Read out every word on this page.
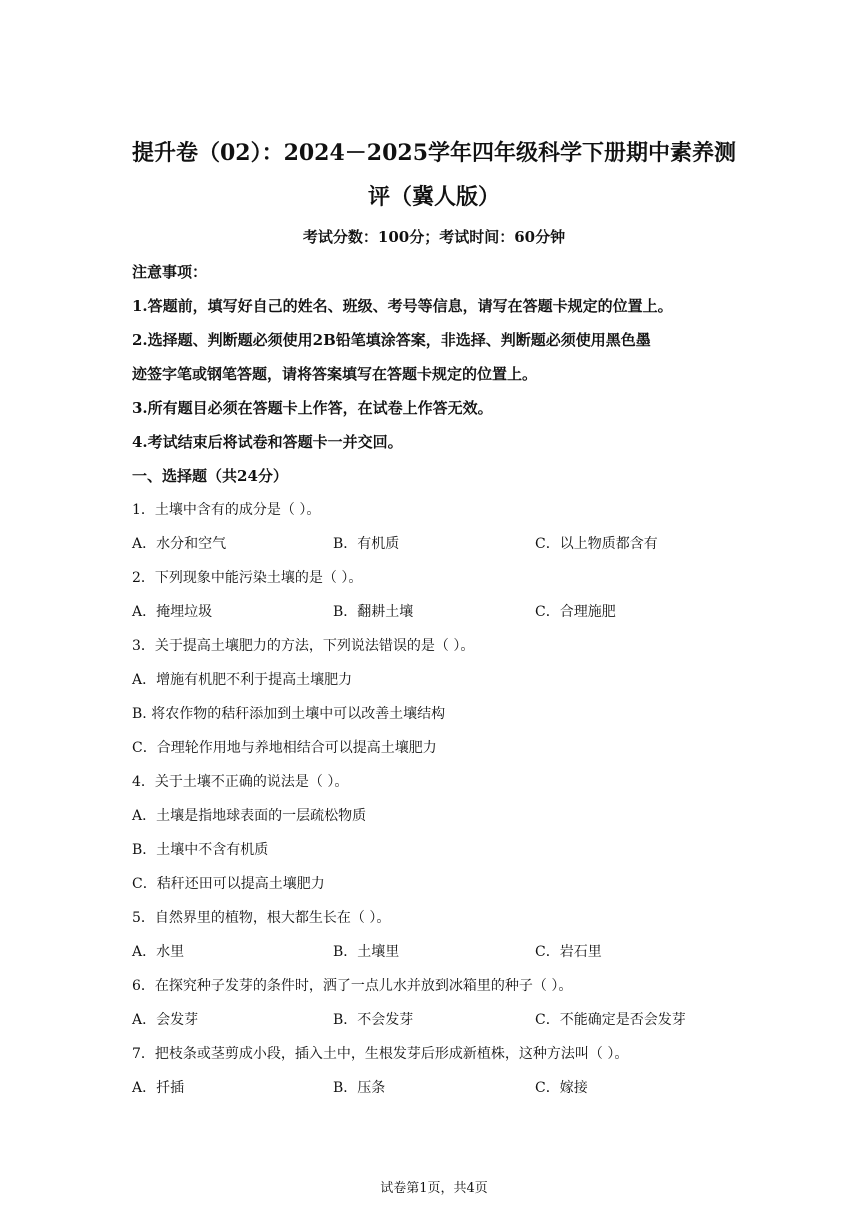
提升卷（02）：2024－2025学年四年级科学下册期中素养测
评（冀人版）
考试分数：100分；考试时间：60分钟
注意事项：
1.答题前，填写好自己的姓名、班级、考号等信息，请写在答题卡规定的位置上。
2.选择题、判断题必须使用2B铅笔填涂答案，非选择、判断题必须使用黑色墨
迹签字笔或钢笔答题，请将答案填写在答题卡规定的位置上。
3.所有题目必须在答题卡上作答，在试卷上作答无效。
4.考试结束后将试卷和答题卡一并交回。
一、选择题（共24分）
1．土壤中含有的成分是（ ）。
A．水分和空气	B．有机质	C．以上物质都含有
2．下列现象中能污染土壤的是（ ）。
A．掩埋垃圾	B．翻耕土壤	C．合理施肥
3．关于提高土壤肥力的方法，下列说法错误的是（ ）。
A．增施有机肥不利于提高土壤肥力
B. 将农作物的秸秆添加到土壤中可以改善土壤结构
C．合理轮作用地与养地相结合可以提高土壤肥力
4．关于土壤不正确的说法是（ ）。
A．土壤是指地球表面的一层疏松物质
B．土壤中不含有机质
C．秸秆还田可以提高土壤肥力
5．自然界里的植物，根大都生长在（ ）。
A．水里	B．土壤里	C．岩石里
6．在探究种子发芽的条件时，洒了一点儿水并放到冰箱里的种子（ ）。
A．会发芽	B．不会发芽	C．不能确定是否会发芽
7．把枝条或茎剪成小段，插入土中，生根发芽后形成新植株，这种方法叫（ ）。
A．扦插	B．压条	C．嫁接
试卷第1页，共4页
